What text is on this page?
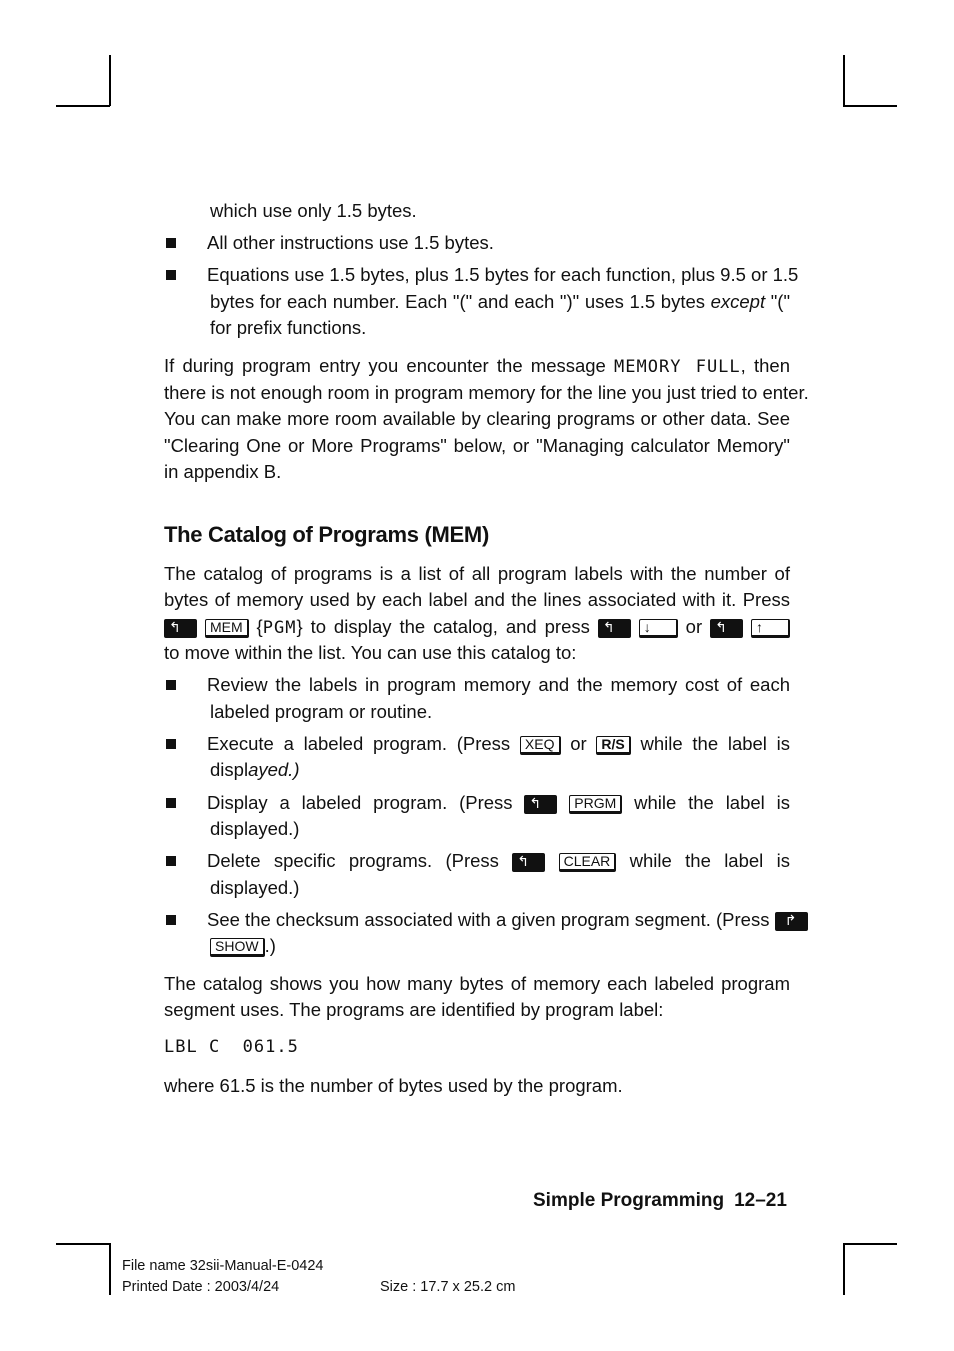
which use only 1.5 bytes.
All other instructions use 1.5 bytes.
Equations use 1.5 bytes, plus 1.5 bytes for each function, plus 9.5 or 1.5
bytes for each number. Each "(" and each ")" uses 1.5 bytes except "("
for prefix functions.
If during program entry you encounter the message MEMORY FULL, then
there is not enough room in program memory for the line you just tried to enter.
You can make more room available by clearing programs or other data. See
"Clearing One or More Programs" below, or "Managing calculator Memory"
in appendix B.
The Catalog of Programs (MEM)
The catalog of programs is a list of all program labels with the number of
bytes of memory used by each label and the lines associated with it. Press
↰ MEM {PGM} to display the catalog, and press ↰ ↓ or ↰ ↑
to move within the list. You can use this catalog to:
Review the labels in program memory and the memory cost of each
labeled program or routine.
Execute a labeled program. (Press XEQ or R/S while the label is
displayed.)
Display a labeled program. (Press ↰ PRGM while the label is
displayed.)
Delete specific programs. (Press ↰ CLEAR while the label is
displayed.)
See the checksum associated with a given program segment. (Press ↱
SHOW .)
The catalog shows you how many bytes of memory each labeled program
segment uses. The programs are identified by program label:
LBL C  061.5
where 61.5 is the number of bytes used by the program.
Simple Programming 12–21
File name 32sii-Manual-E-0424
Printed Date : 2003/4/24	Size : 17.7 x 25.2 cm
